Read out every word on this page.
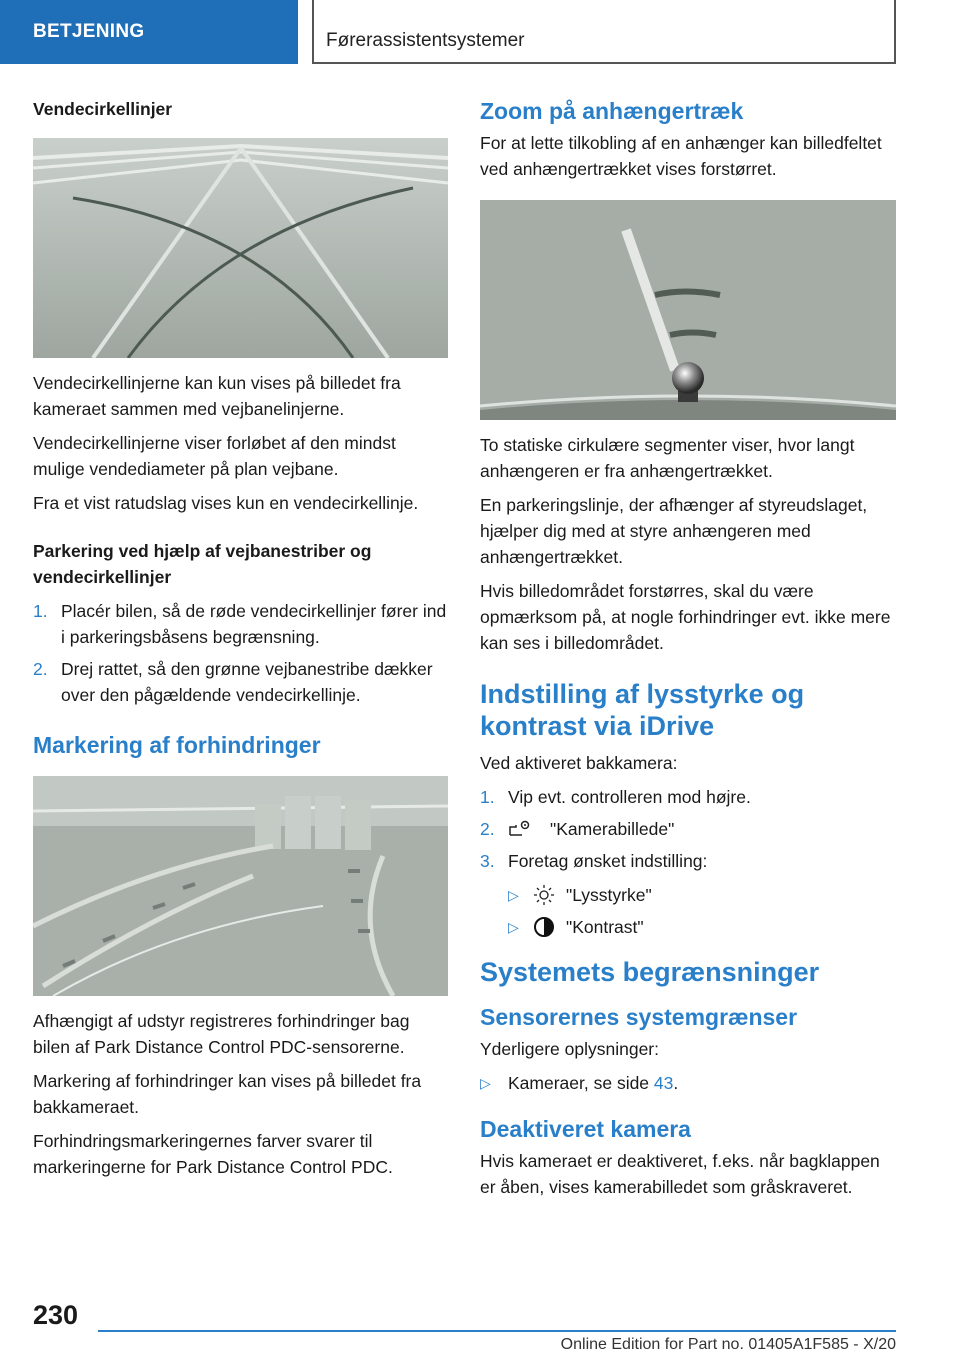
BETJENING	Førerassistentsystemer
Vendecirkellinjer

Vendecirkellinjerne kan kun vises på billedet fra kameraet sammen med vejbanelinjerne.

Vendecirkellinjerne viser forløbet af den mindst mulige vendediameter på plan vejbane.

Fra et vist ratudslag vises kun en vendecirkellinje.

Parkering ved hjælp af vejbanestriber og vendecirkellinjer
1. Placér bilen, så de røde vendecirkellinjer fører ind i parkeringsbåsens begrænsning.
2. Drej rattet, så den grønne vejbanestribe dækker over den pågældende vendecirkellinje.
Markering af forhindringer

Afhængigt af udstyr registreres forhindringer bag bilen af Park Distance Control PDC-sensorerne.

Markering af forhindringer kan vises på billedet fra bakkameraet.

Forhindringsmarkeringernes farver svarer til markeringerne for Park Distance Control PDC.

Zoom på anhængertræk

For at lette tilkobling af en anhænger kan billedfeltet ved anhængertrækket vises forstørret.

To statiske cirkulære segmenter viser, hvor langt anhængeren er fra anhængertrækket.

En parkeringslinje, der afhænger af styreudslaget, hjælper dig med at styre anhængeren med anhængertrækket.

Hvis billedområdet forstørres, skal du være opmærksom på, at nogle forhindringer evt. ikke mere kan ses i billedområdet.

Indstilling af lysstyrke og kontrast via iDrive

Ved aktiveret bakkamera:

1. Vip evt. controlleren mod højre.
2.	"Kamerabillede"
3. Foretag ønsket indstilling:
▷	"Lysstyrke"
▷	"Kontrast"
Systemets begrænsninger
Sensorernes systemgrænser

Yderligere oplysninger:

▷ Kameraer, se side 43.
Deaktiveret kamera

Hvis kameraet er deaktiveret, f.eks. når bagklappen er åben, vises kamerabilledet som gråskraveret.

230
Online Edition for Part no. 01405A1F585 - X/20
